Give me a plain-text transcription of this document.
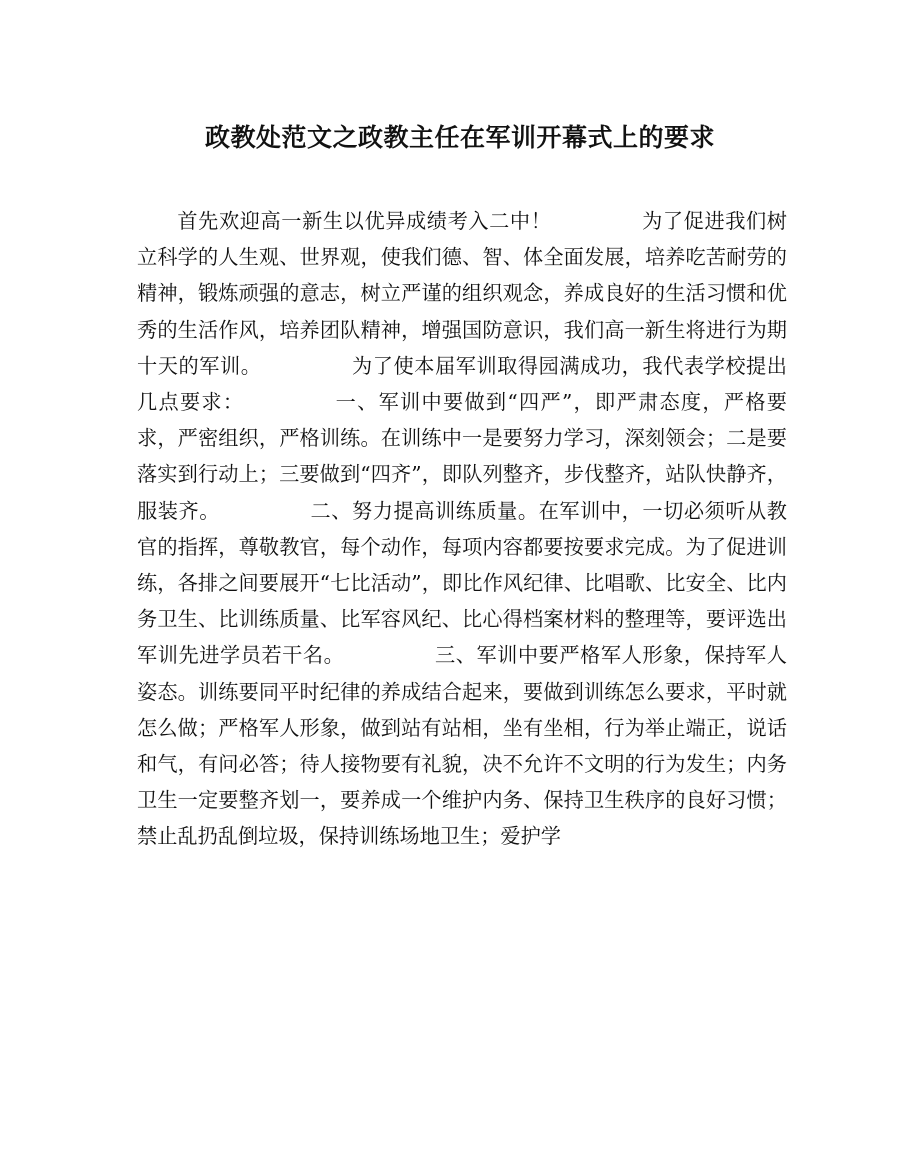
政教处范文之政教主任在军训开幕式上的要求

首先欢迎高一新生以优异成绩考入二中！	为了促进我们树立科学的人生观、世界观，使我们德、智、体全面发展，培养吃苦耐劳的精神，锻炼顽强的意志，树立严谨的组织观念，养成良好的生活习惯和优秀的生活作风，培养团队精神，增强国防意识，我们高一新生将进行为期十天的军训。	为了使本届军训取得园满成功，我代表学校提出几点要求：	一、军训中要做到“四严”，即严肃态度，严格要求，严密组织，严格训练。在训练中一是要努力学习，深刻领会；二是要落实到行动上；三要做到“四齐”，即队列整齐，步伐整齐，站队快静齐，服装齐。	二、努力提高训练质量。在军训中，一切必须听从教官的指挥，尊敬教官，每个动作，每项内容都要按要求完成。为了促进训练，各排之间要展开“七比活动”，即比作风纪律、比唱歌、比安全、比内务卫生、比训练质量、比军容风纪、比心得档案材料的整理等，要评选出军训先进学员若干名。	三、军训中要严格军人形象，保持军人姿态。训练要同平时纪律的养成结合起来，要做到训练怎么要求，平时就怎么做；严格军人形象，做到站有站相，坐有坐相，行为举止端正，说话和气，有问必答；待人接物要有礼貌，决不允许不文明的行为发生；内务卫生一定要整齐划一，要养成一个维护内务、保持卫生秩序的良好习惯；禁止乱扔乱倒垃圾，保持训练场地卫生；爱护学
